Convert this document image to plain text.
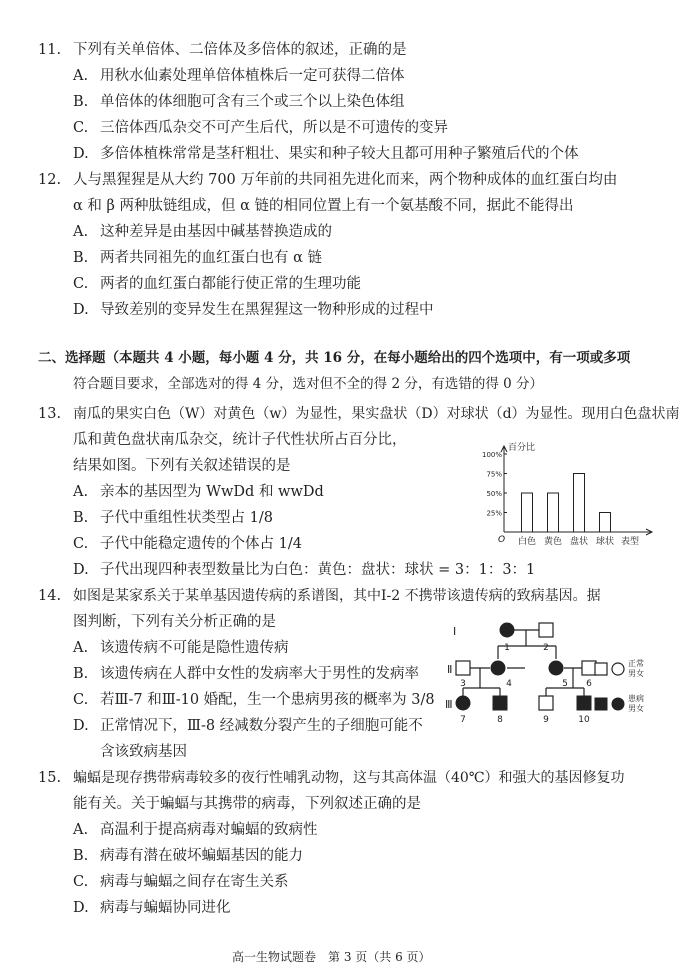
11. 下列有关单倍体、二倍体及多倍体的叙述，正确的是
A. 用秋水仙素处理单倍体植株后一定可获得二倍体
B. 单倍体的体细胞可含有三个或三个以上染色体组
C. 三倍体西瓜杂交不可产生后代，所以是不可遗传的变异
D. 多倍体植株常常是茎秆粗壮、果实和种子较大且都可用种子繁殖后代的个体
12. 人与黑猩猩是从大约 700 万年前的共同祖先进化而来，两个物种成体的血红蛋白均由
α 和 β 两种肽链组成，但 α 链的相同位置上有一个氨基酸不同，据此不能得出
A. 这种差异是由基因中碱基替换造成的
B. 两者共同祖先的血红蛋白也有 α 链
C. 两者的血红蛋白都能行使正常的生理功能
D. 导致差别的变异发生在黑猩猩这一物种形成的过程中
二、选择题（本题共 4 小题，每小题 4 分，共 16 分，在每小题给出的四个选项中，有一项或多项
符合题目要求，全部选对的得 4 分，选对但不全的得 2 分，有选错的得 0 分）
13. 南瓜的果实白色（W）对黄色（w）为显性，果实盘状（D）对球状（d）为显性。现用白色盘状南
瓜和黄色盘状南瓜杂交，统计子代性状所占百分比，
结果如图。下列有关叙述错误的是
A. 亲本的基因型为 WwDd 和 wwDd
B. 子代中重组性状类型占 1/8
C. 子代中能稳定遗传的个体占 1/4
D. 子代出现四种表型数量比为白色：黄色：盘状：球状 = 3：1：3：1
百分比
O
100%
75%
50%
25%
白色 黄色 盘状 球状 表型
14. 如图是某家系关于某单基因遗传病的系谱图，其中Ⅰ-2 不携带该遗传病的致病基因。据
图判断，下列有关分析正确的是
A. 该遗传病不可能是隐性遗传病
B. 该遗传病在人群中女性的发病率大于男性的发病率
C. 若Ⅲ-7 和Ⅲ-10 婚配，生一个患病男孩的概率为 3/8
D. 正常情况下，Ⅲ-8 经减数分裂产生的子细胞可能不
含该致病基因
Ⅰ
Ⅱ
Ⅲ
1	2
3	4	5 6
7	8	9	10
正常
男女
患病
男女
15. 蝙蝠是现存携带病毒较多的夜行性哺乳动物，这与其高体温（40℃）和强大的基因修复功
能有关。关于蝙蝠与其携带的病毒，下列叙述正确的是
A. 高温利于提高病毒对蝙蝠的致病性
B. 病毒有潜在破坏蝙蝠基因的能力
C. 病毒与蝙蝠之间存在寄生关系
D. 病毒与蝙蝠协同进化
高一生物试题卷　第 3 页（共 6 页）
